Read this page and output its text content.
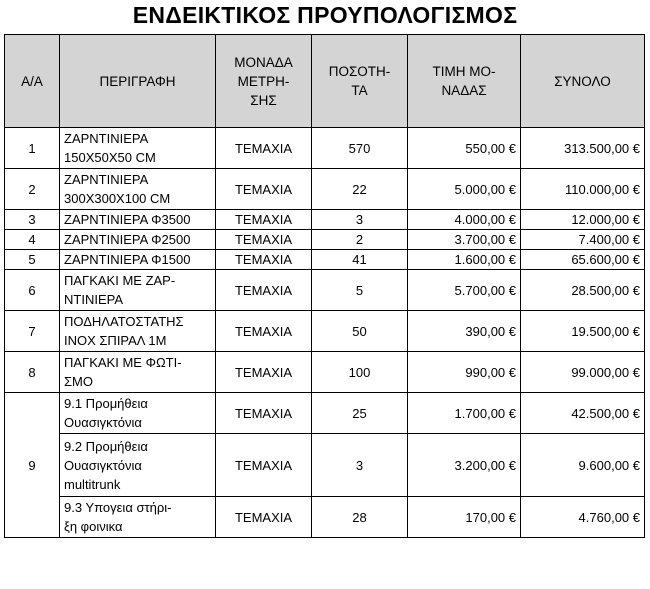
ΕΝΔΕΙΚΤΙΚΟΣ ΠΡΟΥΠΟΛΟΓΙΣΜΟΣ
Α/Α	ΠΕΡΙΓΡΑΦΗ	ΜΟΝΑΔΑ
ΜΕΤΡΗ-
ΣΗΣ	ΠΟΣΟΤΗ-
ΤΑ	ΤΙΜΗ ΜΟ-
ΝΑΔΑΣ	ΣΥΝΟΛΟ
1	ΖΑΡΝΤΙΝΙΕΡΑ
150Χ50Χ50 CM	ΤΕΜΑΧΙΑ	570	550,00 €	313.500,00 €
2	ΖΑΡΝΤΙΝΙΕΡΑ
300Χ300Χ100 CM	ΤΕΜΑΧΙΑ	22	5.000,00 €	110.000,00 €
3	ΖΑΡΝΤΙΝΙΕΡΑ Φ3500	ΤΕΜΑΧΙΑ	3	4.000,00 €	12.000,00 €
4	ΖΑΡΝΤΙΝΙΕΡΑ Φ2500	ΤΕΜΑΧΙΑ	2	3.700,00 €	7.400,00 €
5	ΖΑΡΝΤΙΝΙΕΡΑ Φ1500	ΤΕΜΑΧΙΑ	41	1.600,00 €	65.600,00 €
6	ΠΑΓΚΑΚΙ ΜΕ ΖΑΡ-
ΝΤΙΝΙΕΡΑ	ΤΕΜΑΧΙΑ	5	5.700,00 €	28.500,00 €
7	ΠΟΔΗΛΑΤΟΣΤΑΤΗΣ
ΙΝΟΧ ΣΠΙΡΑΛ 1Μ	ΤΕΜΑΧΙΑ	50	390,00 €	19.500,00 €
8	ΠΑΓΚΑΚΙ ΜΕ ΦΩΤΙ-
ΣΜΟ	ΤΕΜΑΧΙΑ	100	990,00 €	99.000,00 €
9	9.1 Προμήθεια
Ουασιγκτόνια	ΤΕΜΑΧΙΑ	25	1.700,00 €	42.500,00 €

	9.2 Προμήθεια
Ουασιγκτόνια
multitrunk	ΤΕΜΑΧΙΑ	3	3.200,00 €	9.600,00 €

	9.3 Υπογεια στήρι-
ξη φοινικα	ΤΕΜΑΧΙΑ	28	170,00 €	4.760,00 €
